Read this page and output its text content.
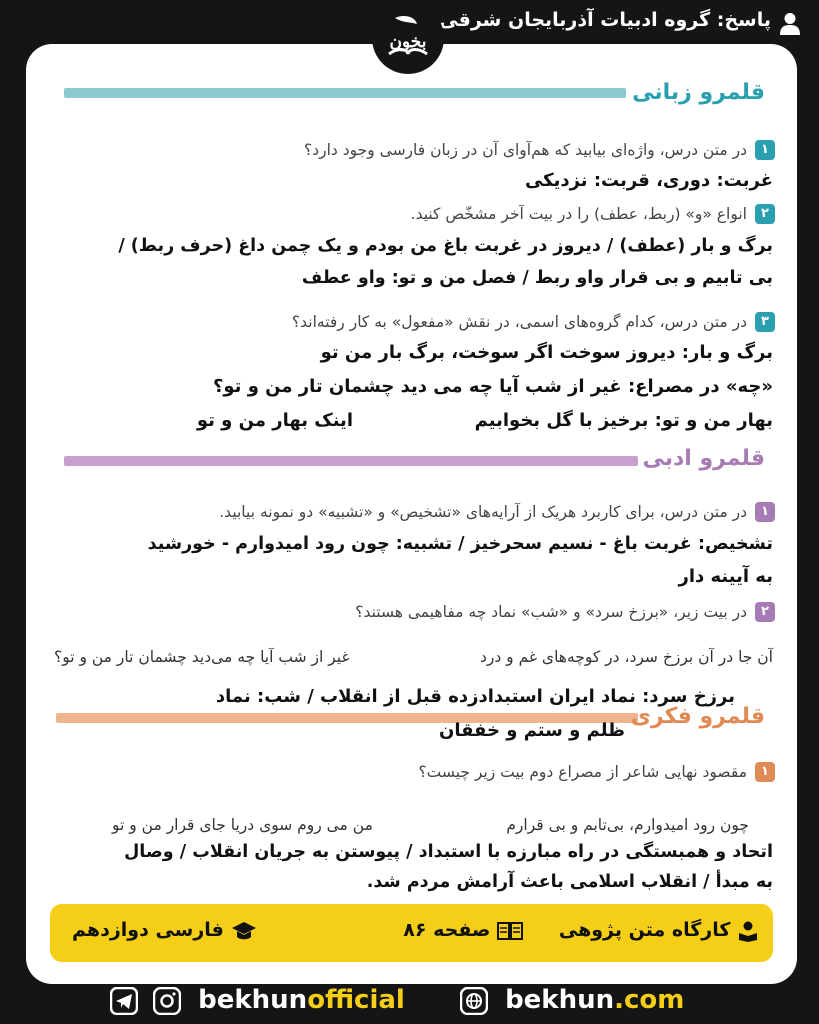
پاسخ: گروه ادبیات آذربایجان شرقی
بخون
قلمرو زبانی
۱
در متن درس، واژه‌ای بیابید که هم‌آوای آن در زبان فارسی وجود دارد؟
غربت: دوری، قربت: نزدیکی
۲
انواع «و» (ربط، عطف) را در بیت آخر مشخّص کنید.
برگ و بار (عطف) / دیروز در غربت باغ من بودم و یک چمن داغ (حرف ربط) /
بی تابیم و بی قرار واو ربط / فصل من و تو: واو عطف
۳
در متن درس، کدام گروه‌های اسمی، در نقش «مفعول» به کار رفته‌اند؟
برگ و بار: دیروز سوخت اگر سوخت، برگ بار من تو
«چه» در مصراع: غیر از شب آیا چه می دید چشمان تار من و تو؟
بهار من و تو: برخیز با گل بخوابیم
اینک بهار من و تو
قلمرو ادبی
۱
در متن درس، برای کاربرد هریک از آرایه‌های «تشخیص» و «تشبیه» دو نمونه بیابید.
تشخیص: غربت باغ - نسیم سحرخیز / تشبیه: چون رود امیدوارم - خورشید
به آیینه دار
۲
در بیت زیر، «برزخ سرد» و «شب» نماد چه مفاهیمی هستند؟
آن جا در آن برزخ سرد، در کوچه‌های غم و درد
غیر از شب آیا چه می‌دید چشمان تار من و تو؟
قلمرو فکری
برزخ سرد: نماد ایران استبدادزده قبل از انقلاب / شب: نماد
ظلم و ستم و خفقان
۱
مقصود نهایی شاعر از مصراع دوم بیت زیر چیست؟
چون رود امیدوارم، بی‌تابم و بی قرارم
من می روم سوی دریا جای قرار من و تو
اتحاد و همبستگی در راه مبارزه با استبداد / پیوستن به جریان انقلاب / وصال
به مبدأ / انقلاب اسلامی باعث آرامش مردم شد.
کارگاه متن پژوهی
صفحه ۸۶
فارسی دوازدهم
bekhunofficial	bekhun.com
